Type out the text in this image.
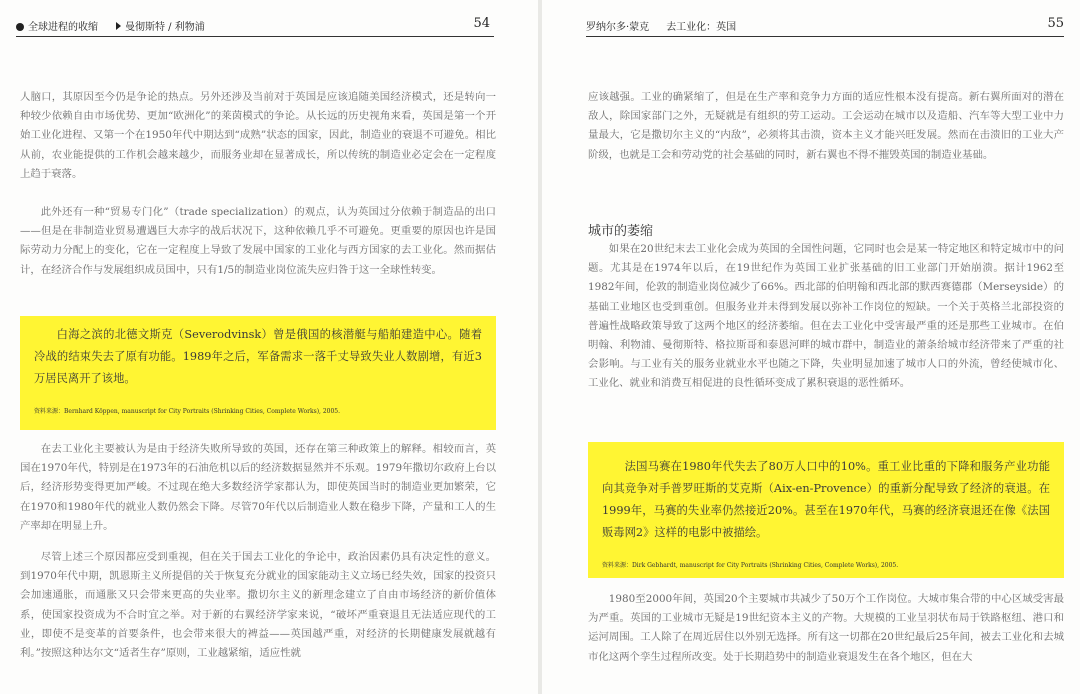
全球进程的收缩	曼彻斯特 / 利物浦	54
人脑口，其原因至今仍是争论的热点。另外还涉及当前对于英国是应该追随美国经济模式，还是转向一种较少依赖自由市场优势、更加“欧洲化”的莱茵模式的争论。从长远的历史视角来看，英国是第一个开始工业化进程、又第一个在1950年代中期达到“成熟”状态的国家，因此，制造业的衰退不可避免。相比从前，农业能提供的工作机会越来越少，而服务业却在显著成长，所以传统的制造业必定会在一定程度上趋于衰落。
此外还有一种“贸易专门化”（trade specialization）的观点，认为英国过分依赖于制造品的出口——但是在非制造业贸易遭遇巨大赤字的战后状况下，这种依赖几乎不可避免。更重要的原因也许是国际劳动力分配上的变化，它在一定程度上导致了发展中国家的工业化与西方国家的去工业化。然而据估计，在经济合作与发展组织成员国中，只有1/5的制造业岗位流失应归咎于这一全球性转变。
白海之滨的北德文斯克（Severodvinsk）曾是俄国的核潜艇与船舶建造中心。随着冷战的结束失去了原有功能。1989年之后，军备需求一落千丈导致失业人数剧增，有近3万居民离开了该地。
资料来源：Bernhard Köppen, manuscript for City Portraits (Shrinking Cities, Complete Works), 2005.
在去工业化主要被认为是由于经济失败所导致的英国，还存在第三种政策上的解释。相较而言，英国在1970年代，特别是在1973年的石油危机以后的经济数据显然并不乐观。1979年撒切尔政府上台以后，经济形势变得更加严峻。不过现在绝大多数经济学家都认为，即使英国当时的制造业更加繁荣，它在1970和1980年代的就业人数仍然会下降。尽管70年代以后制造业人数在稳步下降，产量和工人的生产率却在明显上升。
尽管上述三个原因都应受到重视，但在关于国去工业化的争论中，政治因素仍具有决定性的意义。到1970年代中期，凯恩斯主义所提倡的关于恢复充分就业的国家能动主义立场已经失效，国家的投资只会加速通胀，而通胀又只会带来更高的失业率。撒切尔主义的新理念建立了自由市场经济的新价值体系，使国家投资成为不合时宜之举。对于新的右翼经济学家来说，“破坏严重衰退且无法适应现代的工业，即使不是变革的首要条件，也会带来很大的裨益——英国越严重，对经济的长期健康发展就越有利。”按照这种达尔文“适者生存”原则，工业越紧缩，适应性就
罗纳尔多·蒙克 去工业化：英国	55
应该越强。工业的确紧缩了，但是在生产率和竞争力方面的适应性根本没有提高。新右翼所面对的潜在敌人，除国家部门之外，无疑就是有组织的劳工运动。工会运动在城市以及造船、汽车等大型工业中力量最大，它是撒切尔主义的“内敌”，必须将其击溃，资本主义才能兴旺发展。然而在击溃旧的工业大产阶级，也就是工会和劳动党的社会基础的同时，新右翼也不得不摧毁英国的制造业基础。
城市的萎缩
如果在20世纪末去工业化会成为英国的全国性问题，它同时也会是某一特定地区和特定城市中的问题。尤其是在1974年以后，在19世纪作为英国工业扩张基础的旧工业部门开始崩溃。据计1962至1982年间，伦敦的制造业岗位减少了66%。西北部的伯明翰和西北部的默西赛德郡（Merseyside）的基础工业地区也受到重创。但服务业并未得到发展以弥补工作岗位的短缺。一个关于英格兰北部投资的普遍性战略政策导致了这两个地区的经济萎缩。但在去工业化中受害最严重的还是那些工业城市。在伯明翰、利物浦、曼彻斯特、格拉斯哥和泰恩河畔的城市群中，制造业的萧条给城市经济带来了严重的社会影响。与工业有关的服务业就业水平也随之下降，失业明显加速了城市人口的外流，曾经使城市化、工业化、就业和消费互相促进的良性循环变成了累积衰退的恶性循环。
法国马赛在1980年代失去了80万人口中的10%。重工业比重的下降和服务产业功能向其竞争对手普罗旺斯的艾克斯（Aix-en-Provence）的重新分配导致了经济的衰退。在1999年，马赛的失业率仍然接近20%。甚至在1970年代，马赛的经济衰退还在像《法国贩毒网2》这样的电影中被描绘。
资料来源：Dirk Gebhardt, manuscript for City Portraits (Shrinking Cities, Complete Works), 2005.
1980至2000年间，英国20个主要城市共减少了50万个工作岗位。大城市集合带的中心区域受害最为严重。英国的工业城市无疑是19世纪资本主义的产物。大规模的工业呈羽状布局于铁路枢纽、港口和运河周围。工人除了在周近居住以外别无选择。所有这一切都在20世纪最后25年间，被去工业化和去城市化这两个孪生过程所改变。处于长期趋势中的制造业衰退发生在各个地区，但在大
